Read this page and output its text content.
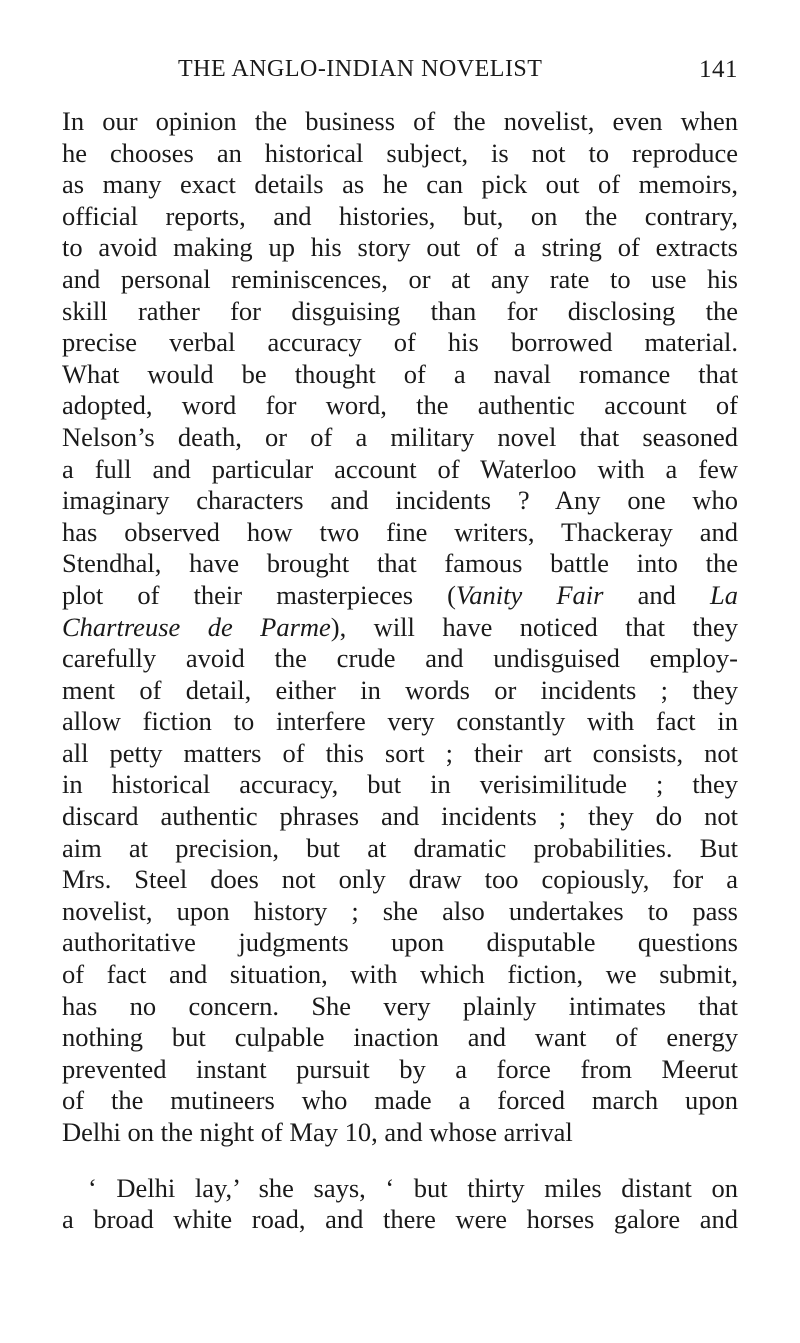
THE ANGLO-INDIAN NOVELIST	141
In our opinion the business of the novelist, even when
he chooses an historical subject, is not to reproduce
as many exact details as he can pick out of memoirs,
official reports, and histories, but, on the contrary,
to avoid making up his story out of a string of extracts
and personal reminiscences, or at any rate to use his
skill rather for disguising than for disclosing the
precise verbal accuracy of his borrowed material.
What would be thought of a naval romance that
adopted, word for word, the authentic account of
Nelson’s death, or of a military novel that seasoned
a full and particular account of Waterloo with a few
imaginary characters and incidents ? Any one who
has observed how two fine writers, Thackeray and
Stendhal, have brought that famous battle into the
plot of their masterpieces (Vanity Fair and La
Chartreuse de Parme), will have noticed that they
carefully avoid the crude and undisguised employ-
ment of detail, either in words or incidents ; they
allow fiction to interfere very constantly with fact in
all petty matters of this sort ; their art consists, not
in historical accuracy, but in verisimilitude ; they
discard authentic phrases and incidents ; they do not
aim at precision, but at dramatic probabilities. But
Mrs. Steel does not only draw too copiously, for a
novelist, upon history ; she also undertakes to pass
authoritative judgments upon disputable questions
of fact and situation, with which fiction, we submit,
has no concern. She very plainly intimates that
nothing but culpable inaction and want of energy
prevented instant pursuit by a force from Meerut
of the mutineers who made a forced march upon
Delhi on the night of May 10, and whose arrival
‘ Delhi lay,’ she says, ‘ but thirty miles distant on
a broad white road, and there were horses galore and
